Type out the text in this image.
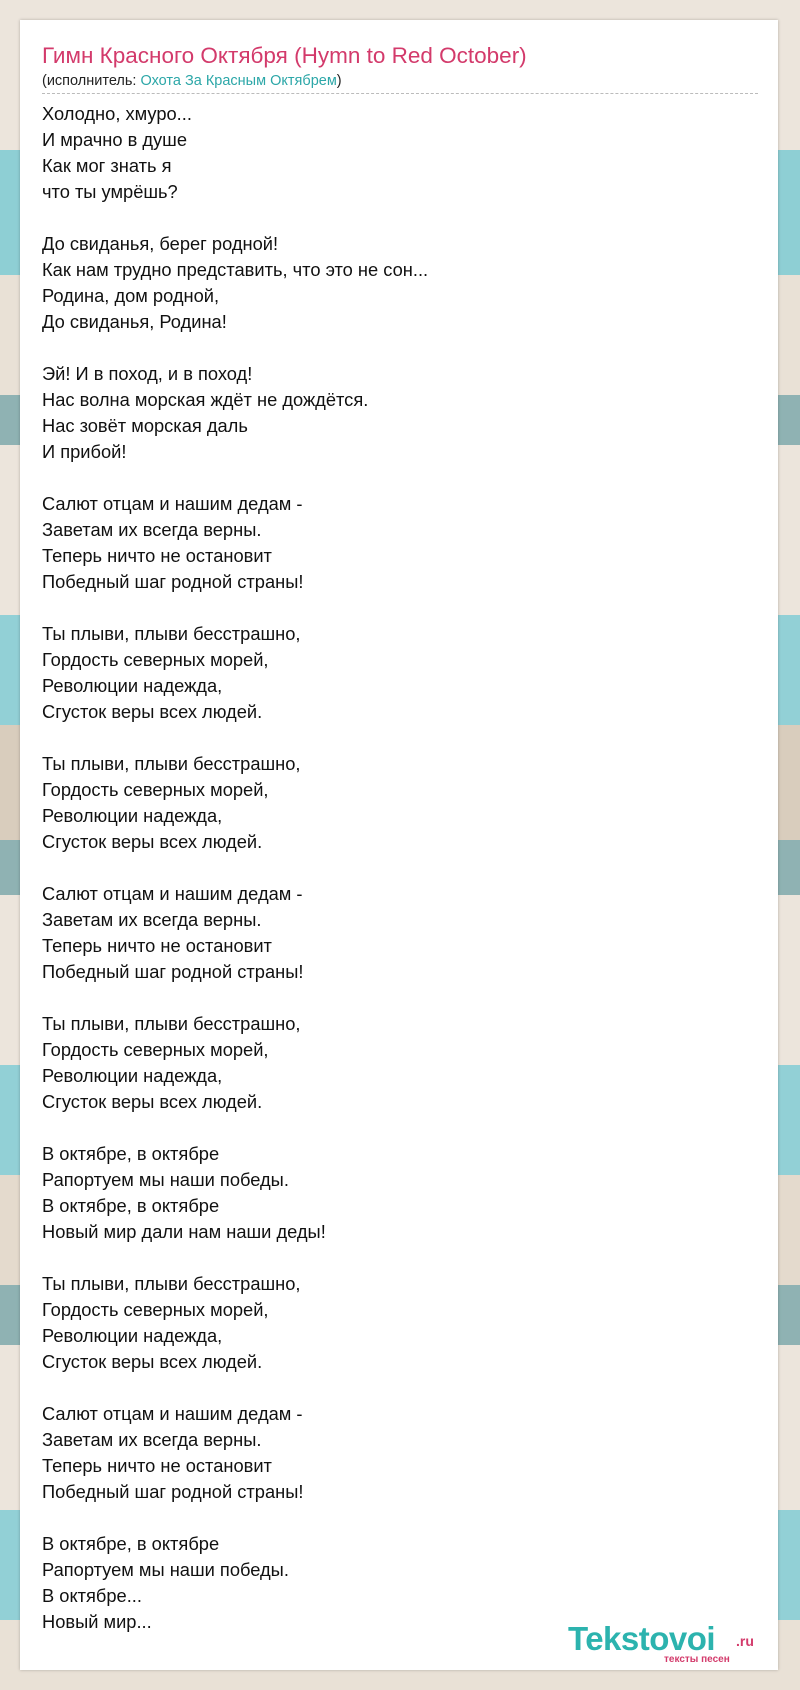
Гимн Красного Октября (Hymn to Red October)
(исполнитель: Охота За Красным Октябрем)
Холодно, хмуро...
И мрачно в душе
Как мог знать я
что ты умрёшь?
До свиданья, берег родной!
Как нам трудно представить, что это не сон...
Родина, дом родной,
До свиданья, Родина!
Эй! И в поход, и в поход!
Нас волна морская ждёт не дождётся.
Нас зовёт морская даль
И прибой!
Салют отцам и нашим дедам -
Заветам их всегда верны.
Теперь ничто не остановит
Победный шаг родной страны!
Ты плыви, плыви бесстрашно,
Гордость северных морей,
Революции надежда,
Сгусток веры всех людей.
Ты плыви, плыви бесстрашно,
Гордость северных морей,
Революции надежда,
Сгусток веры всех людей.
Салют отцам и нашим дедам -
Заветам их всегда верны.
Теперь ничто не остановит
Победный шаг родной страны!
Ты плыви, плыви бесстрашно,
Гордость северных морей,
Революции надежда,
Сгусток веры всех людей.
В октябре, в октябре
Рапортуем мы наши победы.
В октябре, в октябре
Новый мир дали нам наши деды!
Ты плыви, плыви бесстрашно,
Гордость северных морей,
Революции надежда,
Сгусток веры всех людей.
Салют отцам и нашим дедам -
Заветам их всегда верны.
Теперь ничто не остановит
Победный шаг родной страны!
В октябре, в октябре
Рапортуем мы наши победы.
В октябре...
Новый мир...	Tekstovoi .ru
тексты песен
